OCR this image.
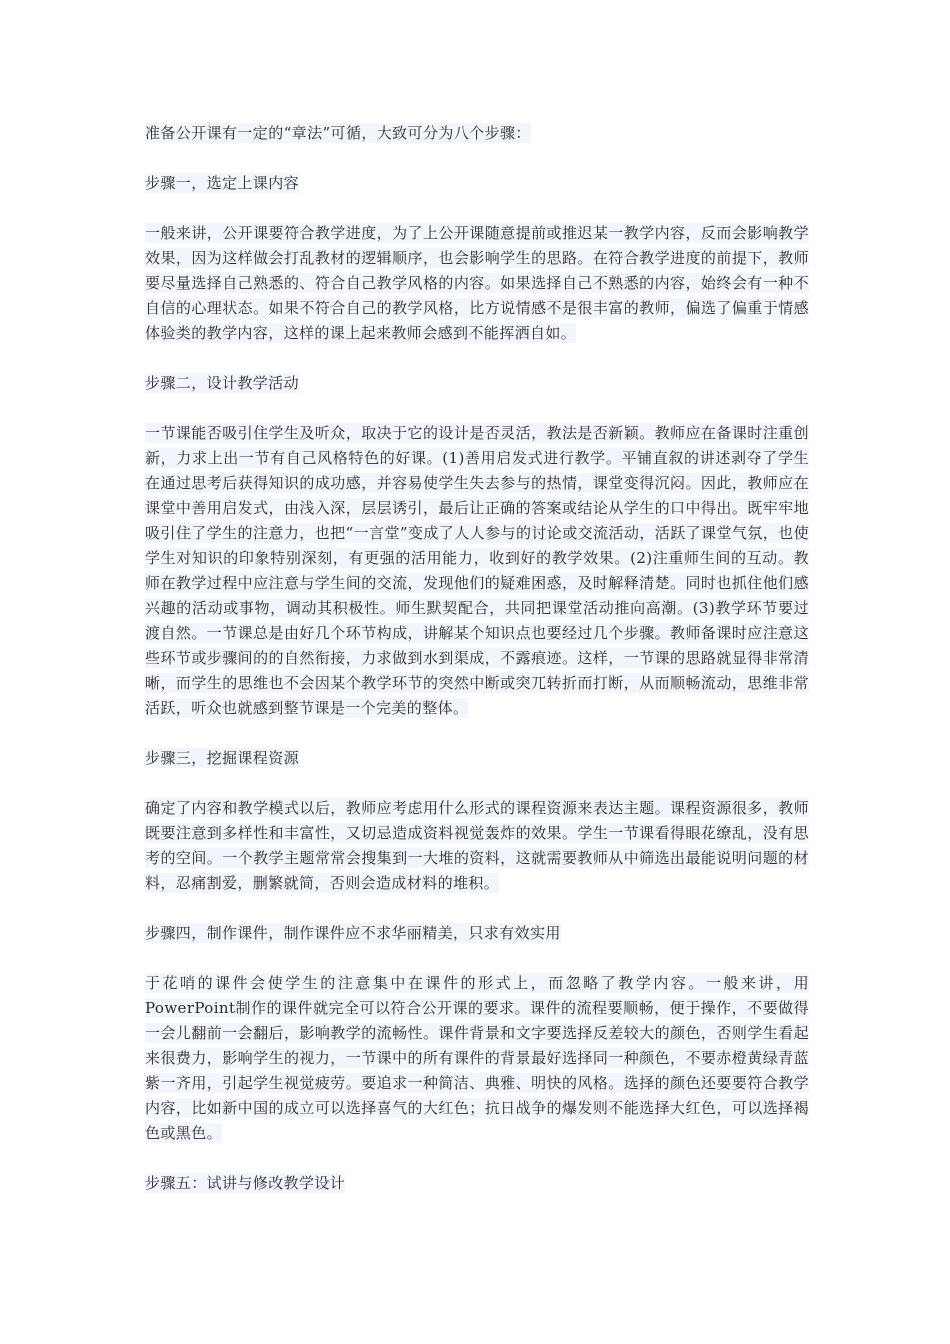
准备公开课有一定的“章法”可循，大致可分为八个步骤：
步骤一，选定上课内容
一般来讲，公开课要符合教学进度，为了上公开课随意提前或推迟某一教学内容，反而会影响教学效果，因为这样做会打乱教材的逻辑顺序，也会影响学生的思路。在符合教学进度的前提下，教师要尽量选择自己熟悉的、符合自己教学风格的内容。如果选择自己不熟悉的内容，始终会有一种不自信的心理状态。如果不符合自己的教学风格，比方说情感不是很丰富的教师，偏选了偏重于情感体验类的教学内容，这样的课上起来教师会感到不能挥洒自如。
步骤二，设计教学活动
一节课能否吸引住学生及听众，取决于它的设计是否灵活，教法是否新颖。教师应在备课时注重创新，力求上出一节有自己风格特色的好课。(1)善用启发式进行教学。平铺直叙的讲述剥夺了学生在通过思考后获得知识的成功感，并容易使学生失去参与的热情，课堂变得沉闷。因此，教师应在课堂中善用启发式，由浅入深，层层诱引，最后让正确的答案或结论从学生的口中得出。既牢牢地吸引住了学生的注意力，也把“一言堂”变成了人人参与的讨论或交流活动，活跃了课堂气氛，也使学生对知识的印象特别深刻，有更强的活用能力，收到好的教学效果。(2)注重师生间的互动。教师在教学过程中应注意与学生间的交流，发现他们的疑难困惑，及时解释清楚。同时也抓住他们感兴趣的活动或事物，调动其积极性。师生默契配合，共同把课堂活动推向高潮。(3)教学环节要过渡自然。一节课总是由好几个环节构成，讲解某个知识点也要经过几个步骤。教师备课时应注意这些环节或步骤间的的自然衔接，力求做到水到渠成，不露痕迹。这样，一节课的思路就显得非常清晰，而学生的思维也不会因某个教学环节的突然中断或突兀转折而打断，从而顺畅流动，思维非常活跃，听众也就感到整节课是一个完美的整体。
步骤三，挖掘课程资源
确定了内容和教学模式以后，教师应考虑用什么形式的课程资源来表达主题。课程资源很多，教师既要注意到多样性和丰富性，又切忌造成资料视觉轰炸的效果。学生一节课看得眼花缭乱，没有思考的空间。一个教学主题常常会搜集到一大堆的资料，这就需要教师从中筛选出最能说明问题的材料，忍痛割爱，删繁就简，否则会造成材料的堆积。
步骤四，制作课件，制作课件应不求华丽精美，只求有效实用
于花哨的课件会使学生的注意集中在课件的形式上，而忽略了教学内容。一般来讲，用PowerPoint制作的课件就完全可以符合公开课的要求。课件的流程要顺畅，便于操作，不要做得一会儿翻前一会翻后，影响教学的流畅性。课件背景和文字要选择反差较大的颜色，否则学生看起来很费力，影响学生的视力，一节课中的所有课件的背景最好选择同一种颜色，不要赤橙黄绿青蓝紫一齐用，引起学生视觉疲劳。要追求一种简洁、典雅、明快的风格。选择的颜色还要要符合教学内容，比如新中国的成立可以选择喜气的大红色；抗日战争的爆发则不能选择大红色，可以选择褐色或黑色。
步骤五：试讲与修改教学设计
